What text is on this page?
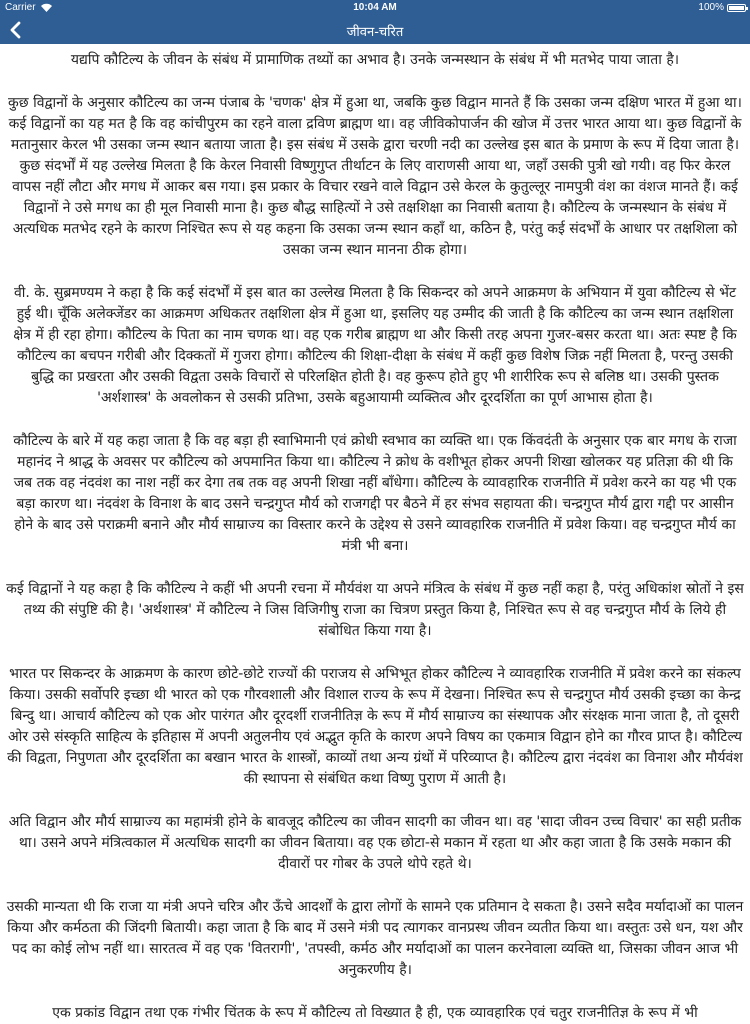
Carrier	10:04 AM	100%
जीवन-चरित

यद्यपि कौटिल्य के जीवन के संबंध में प्रामाणिक तथ्यों का अभाव है। उनके जन्मस्थान के संबंध में भी मतभेद पाया जाता है।

कुछ विद्वानों के अनुसार कौटिल्य का जन्म पंजाब के 'चणक' क्षेत्र में हुआ था, जबकि कुछ विद्वान मानते हैं कि उसका जन्म दक्षिण भारत में हुआ था। कई विद्वानों का यह मत है कि वह कांचीपुरम का रहने वाला द्रविण ब्राह्मण था। वह जीविकोपार्जन की खोज में उत्तर भारत आया था। कुछ विद्वानों के मतानुसार केरल भी उसका जन्म स्थान बताया जाता है। इस संबंध में उसके द्वारा चरणी नदी का उल्लेख इस बात के प्रमाण के रूप में दिया जाता है। कुछ संदर्भों में यह उल्लेख मिलता है कि केरल निवासी विष्णुगुप्त तीर्थाटन के लिए वाराणसी आया था, जहाँ उसकी पुत्री खो गयी। वह फिर केरल वापस नहीं लौटा और मगध में आकर बस गया। इस प्रकार के विचार रखने वाले विद्वान उसे केरल के कुतुल्लूर नामपुत्री वंश का वंशज मानते हैं। कई विद्वानों ने उसे मगध का ही मूल निवासी माना है। कुछ बौद्ध साहित्यों ने उसे तक्षशिक्षा का निवासी बताया है। कौटिल्य के जन्मस्थान के संबंध में अत्यधिक मतभेद रहने के कारण निश्चित रूप से यह कहना कि उसका जन्म स्थान कहाँ था, कठिन है, परंतु कई संदर्भों के आधार पर तक्षशिला को उसका जन्म स्थान मानना ठीक होगा।

वी. के. सुब्रमण्यम ने कहा है कि कई संदर्भों में इस बात का उल्लेख मिलता है कि सिकन्दर को अपने आक्रमण के अभियान में युवा कौटिल्य से भेंट हुई थी। चूँकि अलेक्जेंडर का आक्रमण अधिकतर तक्षशिला क्षेत्र में हुआ था, इसलिए यह उम्मीद की जाती है कि कौटिल्य का जन्म स्थान तक्षशिला क्षेत्र में ही रहा होगा। कौटिल्य के पिता का नाम चणक था। वह एक गरीब ब्राह्मण था और किसी तरह अपना गुजर-बसर करता था। अतः स्पष्ट है कि कौटिल्य का बचपन गरीबी और दिक्कतों में गुजरा होगा। कौटिल्य की शिक्षा-दीक्षा के संबंध में कहीं कुछ विशेष जिक्र नहीं मिलता है, परन्तु उसकी बुद्धि का प्रखरता और उसकी विद्वता उसके विचारों से परिलक्षित होती है। वह कुरूप होते हुए भी शारीरिक रूप से बलिष्ठ था। उसकी पुस्तक 'अर्शशास्त्र' के अवलोकन से उसकी प्रतिभा, उसके बहुआयामी व्यक्तित्व और दूरदर्शिता का पूर्ण आभास होता है।

कौटिल्य के बारे में यह कहा जाता है कि वह बड़ा ही स्वाभिमानी एवं क्रोधी स्वभाव का व्यक्ति था। एक किंवदंती के अनुसार एक बार मगध के राजा महानंद ने श्राद्ध के अवसर पर कौटिल्य को अपमानित किया था। कौटिल्य ने क्रोध के वशीभूत होकर अपनी शिखा खोलकर यह प्रतिज्ञा की थी कि जब तक वह नंदवंश का नाश नहीं कर देगा तब तक वह अपनी शिखा नहीं बाँधेगा। कौटिल्य के व्यावहारिक राजनीति में प्रवेश करने का यह भी एक बड़ा कारण था। नंदवंश के विनाश के बाद उसने चन्द्रगुप्त मौर्य को राजगद्दी पर बैठने में हर संभव सहायता की। चन्द्रगुप्त मौर्य द्वारा गद्दी पर आसीन होने के बाद उसे पराक्रमी बनाने और मौर्य साम्राज्य का विस्तार करने के उद्देश्य से उसने व्यावहारिक राजनीति में प्रवेश किया। वह चन्द्रगुप्त मौर्य का मंत्री भी बना।

कई विद्वानों ने यह कहा है कि कौटिल्य ने कहीं भी अपनी रचना में मौर्यवंश या अपने मंत्रित्व के संबंध में कुछ नहीं कहा है, परंतु अधिकांश स्रोतों ने इस तथ्य की संपुष्टि की है। 'अर्थशास्त्र' में कौटिल्य ने जिस विजिगीषु राजा का चित्रण प्रस्तुत किया है, निश्चित रूप से वह चन्द्रगुप्त मौर्य के लिये ही संबोधित किया गया है।

भारत पर सिकन्दर के आक्रमण के कारण छोटे-छोटे राज्यों की पराजय से अभिभूत होकर कौटिल्य ने व्यावहारिक राजनीति में प्रवेश करने का संकल्प किया। उसकी सर्वोपरि इच्छा थी भारत को एक गौरवशाली और विशाल राज्य के रूप में देखना। निश्चित रूप से चन्द्रगुप्त मौर्य उसकी इच्छा का केन्द्र बिन्दु था। आचार्य कौटिल्य को एक ओर पारंगत और दूरदर्शी राजनीतिज्ञ के रूप में मौर्य साम्राज्य का संस्थापक और संरक्षक माना जाता है, तो दूसरी ओर उसे संस्कृति साहित्य के इतिहास में अपनी अतुलनीय एवं अद्भुत कृति के कारण अपने विषय का एकमात्र विद्वान होने का गौरव प्राप्त है। कौटिल्य की विद्वता, निपुणता और दूरदर्शिता का बखान भारत के शास्त्रों, काव्यों तथा अन्य ग्रंथों में परिव्याप्त है। कौटिल्य द्वारा नंदवंश का विनाश और मौर्यवंश की स्थापना से संबंधित कथा विष्णु पुराण में आती है।

अति विद्वान और मौर्य साम्राज्य का महामंत्री होने के बावजूद कौटिल्य का जीवन सादगी का जीवन था। वह 'सादा जीवन उच्च विचार' का सही प्रतीक था। उसने अपने मंत्रित्वकाल में अत्यधिक सादगी का जीवन बिताया। वह एक छोटा-से मकान में रहता था और कहा जाता है कि उसके मकान की दीवारों पर गोबर के उपले थोपे रहते थे।

उसकी मान्यता थी कि राजा या मंत्री अपने चरित्र और ऊँचे आदर्शों के द्वारा लोगों के सामने एक प्रतिमान दे सकता है। उसने सदैव मर्यादाओं का पालन किया और कर्मठता की जिंदगी बितायी। कहा जाता है कि बाद में उसने मंत्री पद त्यागकर वानप्रस्थ जीवन व्यतीत किया था। वस्तुतः उसे धन, यश और पद का कोई लोभ नहीं था। सारतत्व में वह एक 'वितरागी', 'तपस्वी, कर्मठ और मर्यादाओं का पालन करनेवाला व्यक्ति था, जिसका जीवन आज भी अनुकरणीय है।

एक प्रकांड विद्वान तथा एक गंभीर चिंतक के रूप में कौटिल्य तो विख्यात है ही, एक व्यावहारिक एवं चतुर राजनीतिज्ञ के रूप में भी
